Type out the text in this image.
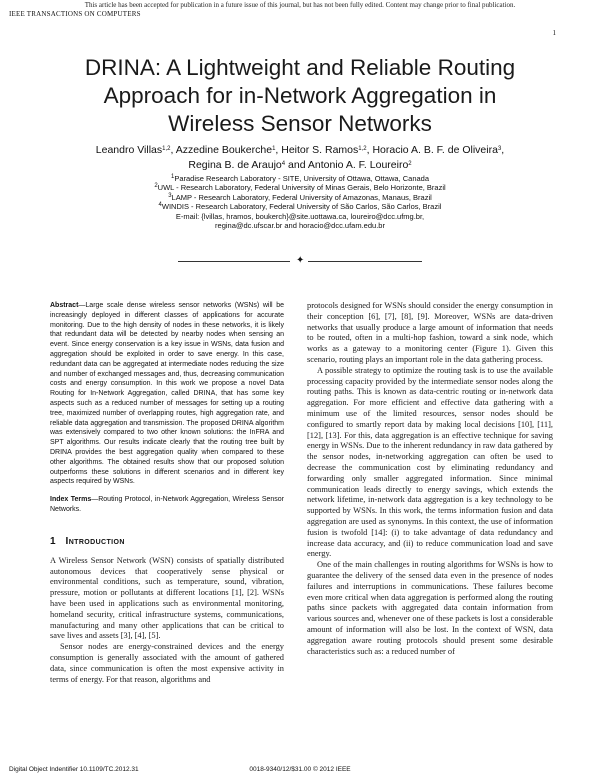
This article has been accepted for publication in a future issue of this journal, but has not been fully edited. Content may change prior to final publication.
IEEE TRANSACTIONS ON COMPUTERS
1
DRINA: A Lightweight and Reliable Routing
Approach for in-Network Aggregation in
Wireless Sensor Networks
Leandro Villas$^{1,2}$, Azzedine Boukerche$^1$, Heitor S. Ramos$^{1,2}$, Horacio A. B. F. de Oliveira$^3$,
Regina B. de Araujo$^4$ and Antonio A. F. Loureiro$^2$
$^1$Paradise Research Laboratory - SITE, University of Ottawa, Ottawa, Canada
$^2$UWL - Research Laboratory, Federal University of Minas Gerais, Belo Horizonte, Brazil
$^3$LAMP - Research Laboratory, Federal University of Amazonas, Manaus, Brazil
$^4$WINDIS - Research Laboratory, Federal University of São Carlos, São Carlos, Brazil
E-mail: {lvillas, hramos, boukerch}@site.uottawa.ca, loureiro@dcc.ufmg.br,
regina@dc.ufscar.br and horacio@dcc.ufam.edu.br
✦
Abstract—Large scale dense wireless sensor networks (WSNs) will be increasingly deployed in different classes of applications for accurate monitoring. Due to the high density of nodes in these networks, it is likely that redundant data will be detected by nearby nodes when sensing an event. Since energy conservation is a key issue in WSNs, data fusion and aggregation should be exploited in order to save energy. In this case, redundant data can be aggregated at intermediate nodes reducing the size and number of exchanged messages and, thus, decreasing communication costs and energy consumption. In this work we propose a novel Data Routing for In-Network Aggregation, called DRINA, that has some key aspects such as a reduced number of messages for setting up a routing tree, maximized number of overlapping routes, high aggregation rate, and reliable data aggregation and transmission. The proposed DRINA algorithm was extensively compared to two other known solutions: the InFRA and SPT algorithms. Our results indicate clearly that the routing tree built by DRINA provides the best aggregation quality when compared to these other algorithms. The obtained results show that our proposed solution outperforms these solutions in different scenarios and in different key aspects required by WSNs.
Index Terms—Routing Protocol, in-Network Aggregation, Wireless Sensor Networks.
1 Introduction

A Wireless Sensor Network (WSN) consists of spatially distributed autonomous devices that cooperatively sense physical or environmental conditions, such as temperature, sound, vibration, pressure, motion or pollutants at different locations [1], [2]. WSNs have been used in applications such as environmental monitoring, homeland security, critical infrastructure systems, communications, manufacturing and many other applications that can be critical to save lives and assets [3], [4], [5].

Sensor nodes are energy-constrained devices and the energy consumption is generally associated with the amount of gathered data, since communication is often the most expensive activity in terms of energy. For that reason, algorithms and

protocols designed for WSNs should consider the energy consumption in their conception [6], [7], [8], [9]. Moreover, WSNs are data-driven networks that usually produce a large amount of information that needs to be routed, often in a multi-hop fashion, toward a sink node, which works as a gateway to a monitoring center (Figure 1). Given this scenario, routing plays an important role in the data gathering process.

A possible strategy to optimize the routing task is to use the available processing capacity provided by the intermediate sensor nodes along the routing paths. This is known as data-centric routing or in-network data aggregation. For more efficient and effective data gathering with a minimum use of the limited resources, sensor nodes should be configured to smartly report data by making local decisions [10], [11], [12], [13]. For this, data aggregation is an effective technique for saving energy in WSNs. Due to the inherent redundancy in raw data gathered by the sensor nodes, in-networking aggregation can often be used to decrease the communication cost by eliminating redundancy and forwarding only smaller aggregated information. Since minimal communication leads directly to energy savings, which extends the network lifetime, in-network data aggregation is a key technology to be supported by WSNs. In this work, the terms information fusion and data aggregation are used as synonyms. In this context, the use of information fusion is twofold [14]: (i) to take advantage of data redundancy and increase data accuracy, and (ii) to reduce communication load and save energy.

One of the main challenges in routing algorithms for WSNs is how to guarantee the delivery of the sensed data even in the presence of nodes failures and interruptions in communications. These failures become even more critical when data aggregation is performed along the routing paths since packets with aggregated data contain information from various sources and, whenever one of these packets is lost a considerable amount of information will also be lost. In the context of WSN, data aggregation aware routing protocols should present some desirable characteristics such as: a reduced number of

Digital Object Indentifier 10.1109/TC.2012.31	0018-9340/12/$31.00 © 2012 IEEE
